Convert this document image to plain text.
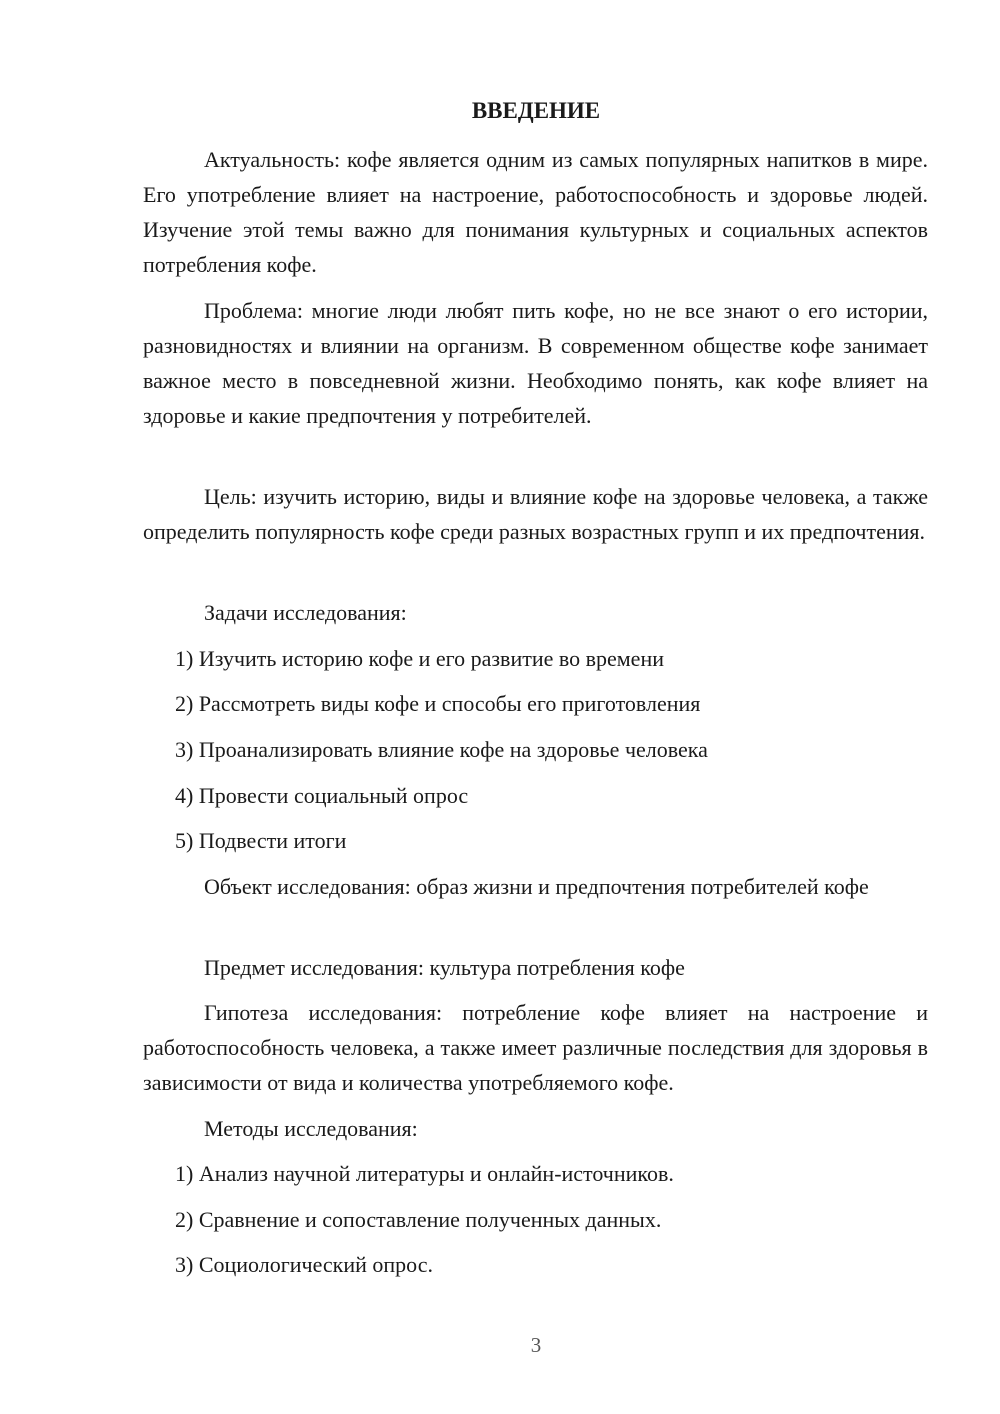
ВВЕДЕНИЕ

Актуальность: кофе является одним из самых популярных напитков в мире. Его употребление влияет на настроение, работоспособность и здоровье людей. Изучение этой темы важно для понимания культурных и социальных аспектов потребления кофе.

Проблема: многие люди любят пить кофе, но не все знают о его истории, разновидностях и влиянии на организм. В современном обществе кофе занимает важное место в повседневной жизни. Необходимо понять, как кофе влияет на здоровье и какие предпочтения у потребителей.

Цель: изучить историю, виды и влияние кофе на здоровье человека, а также определить популярность кофе среди разных возрастных групп и их предпочтения.

Задачи исследования:

1) Изучить историю кофе и его развитие во времени

2) Рассмотреть виды кофе и способы его приготовления

3) Проанализировать влияние кофе на здоровье человека

4) Провести социальный опрос

5) Подвести итоги

Объект исследования: образ жизни и предпочтения потребителей кофе

Предмет исследования: культура потребления кофе

Гипотеза исследования: потребление кофе влияет на настроение и работоспособность человека, а также имеет различные последствия для здоровья в зависимости от вида и количества употребляемого кофе.

Методы исследования:

1) Анализ научной литературы и онлайн-источников.

2) Сравнение и сопоставление полученных данных.

3) Социологический опрос.

3
